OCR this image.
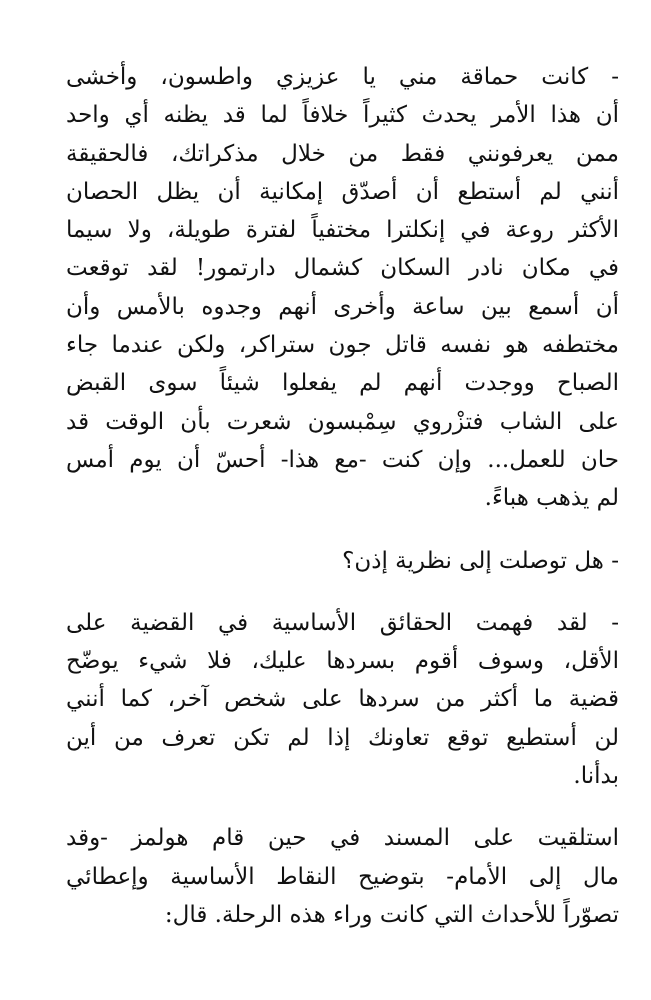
- كانت حماقة مني يا عزيزي واطسون، وأخشى
أن هذا الأمر يحدث كثيراً خلافاً لما قد يظنه أي واحد
ممن يعرفونني فقط من خلال مذكراتك، فالحقيقة
أنني لم أستطع أن أصدّق إمكانية أن يظل الحصان
الأكثر روعة في إنكلترا مختفياً لفترة طويلة، ولا سيما
في مكان نادر السكان كشمال دارتمور! لقد توقعت
أن أسمع بين ساعة وأخرى أنهم وجدوه بالأمس وأن
مختطفه هو نفسه قاتل جون ستراكر، ولكن عندما جاء
الصباح ووجدت أنهم لم يفعلوا شيئاً سوى القبض
على الشاب فتزْروي سِمْبسون شعرت بأن الوقت قد
حان للعمل... وإن كنت -مع هذا- أحسّ أن يوم أمس
لم يذهب هباءً.
- هل توصلت إلى نظرية إذن؟
- لقد فهمت الحقائق الأساسية في القضية على
الأقل، وسوف أقوم بسردها عليك، فلا شيء يوضّح
قضية ما أكثر من سردها على شخص آخر، كما أنني
لن أستطيع توقع تعاونك إذا لم تكن تعرف من أين
بدأنا.
استلقيت على المسند في حين قام هولمز -وقد
مال إلى الأمام- بتوضيح النقاط الأساسية وإعطائي
تصوّراً للأحداث التي كانت وراء هذه الرحلة. قال:
